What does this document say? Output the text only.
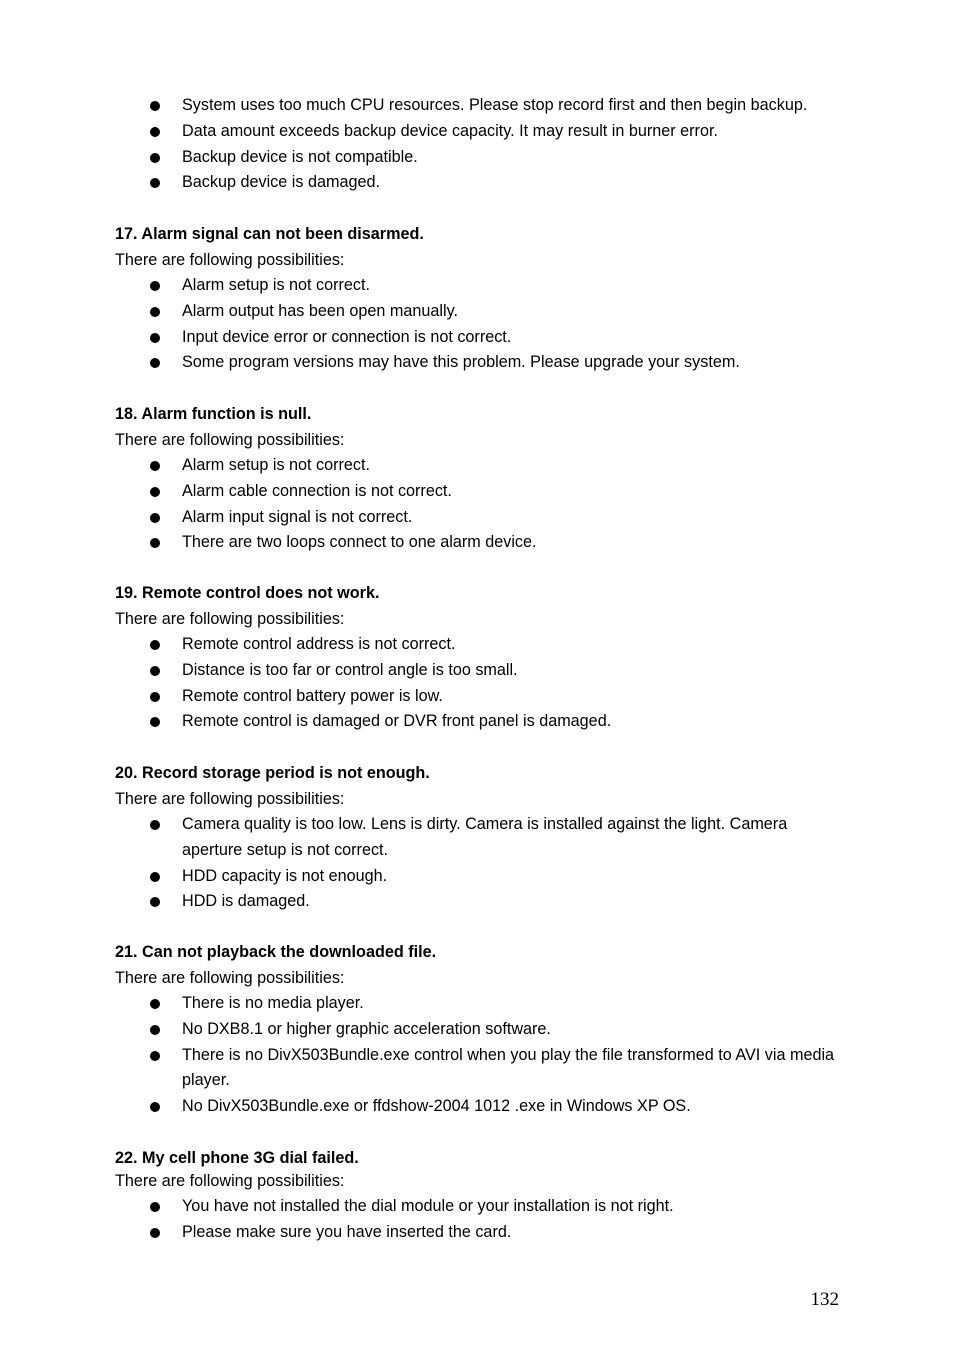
System uses too much CPU resources. Please stop record first and then begin backup.
Data amount exceeds backup device capacity. It may result in burner error.
Backup device is not compatible.
Backup device is damaged.

17. Alarm signal can not been disarmed.

There are following possibilities:

Alarm setup is not correct.
Alarm output has been open manually.
Input device error or connection is not correct.
Some program versions may have this problem. Please upgrade your system.

18. Alarm function is null.

There are following possibilities:

Alarm setup is not correct.
Alarm cable connection is not correct.
Alarm input signal is not correct.
There are two loops connect to one alarm device.

19. Remote control does not work.

There are following possibilities:

Remote control address is not correct.
Distance is too far or control angle is too small.
Remote control battery power is low.
Remote control is damaged or DVR front panel is damaged.

20. Record storage period is not enough.

There are following possibilities:

Camera quality is too low. Lens is dirty. Camera is installed against the light. Camera aperture setup is not correct.
HDD capacity is not enough.
HDD is damaged.

21. Can not playback the downloaded file.

There are following possibilities:

There is no media player.
No DXB8.1 or higher graphic acceleration software.
There is no DivX503Bundle.exe control when you play the file transformed to AVI via media player.
No DivX503Bundle.exe or ffdshow-2004 1012 .exe in Windows XP OS.

22. My cell phone 3G dial failed.

There are following possibilities:

You have not installed the dial module or your installation is not right.
Please make sure you have inserted the card.
132
